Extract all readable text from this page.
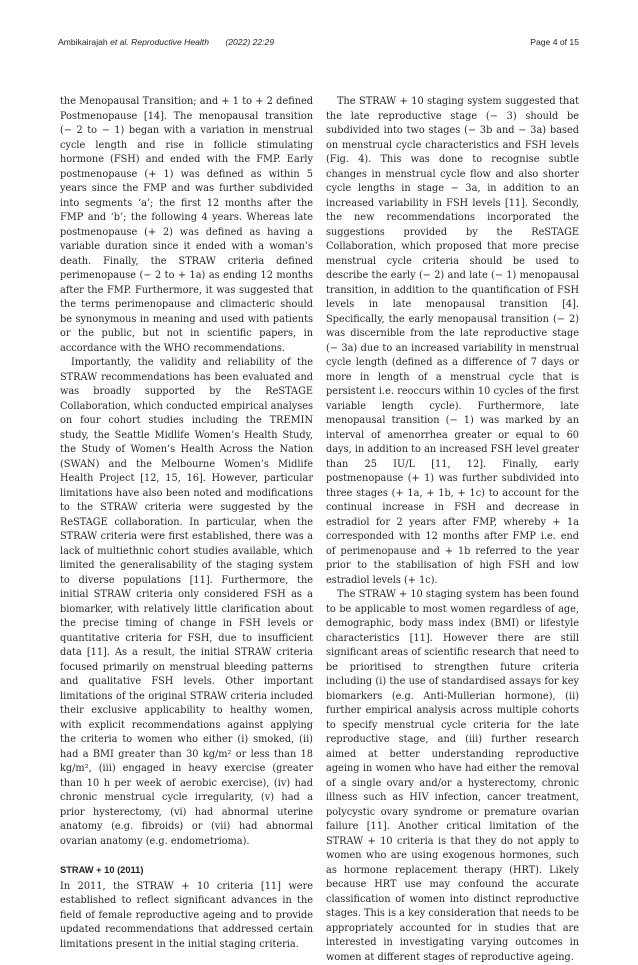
Ambikairajah et al. Reproductive Health (2022) 22:29	Page 4 of 15

the Menopausal Transition; and + 1 to + 2 defined Postmenopause [14]. The menopausal transition (− 2 to − 1) began with a variation in menstrual cycle length and rise in follicle stimulating hormone (FSH) and ended with the FMP. Early postmenopause (+ 1) was defined as within 5 years since the FMP and was further subdivided into segments ‘a’; the first 12 months after the FMP and ‘b’; the following 4 years. Whereas late postmenopause (+ 2) was defined as having a variable duration since it ended with a woman’s death. Finally, the STRAW criteria defined perimenopause (− 2 to + 1a) as ending 12 months after the FMP. Furthermore, it was suggested that the terms perimenopause and climacteric should be synonymous in meaning and used with patients or the public, but not in scientific papers, in accordance with the WHO recommendations.

Importantly, the validity and reliability of the STRAW recommendations has been evaluated and was broadly supported by the ReSTAGE Collaboration, which conducted empirical analyses on four cohort studies including the TREMIN study, the Seattle Midlife Women’s Health Study, the Study of Women’s Health Across the Nation (SWAN) and the Melbourne Women’s Midlife Health Project [12, 15, 16]. However, particular limitations have also been noted and modifications to the STRAW criteria were suggested by the ReSTAGE collaboration. In particular, when the STRAW criteria were first established, there was a lack of multiethnic cohort studies available, which limited the generalisability of the staging system to diverse populations [11]. Furthermore, the initial STRAW criteria only considered FSH as a biomarker, with relatively little clarification about the precise timing of change in FSH levels or quantitative criteria for FSH, due to insufficient data [11]. As a result, the initial STRAW criteria focused primarily on menstrual bleeding patterns and qualitative FSH levels. Other important limitations of the original STRAW criteria included their exclusive applicability to healthy women, with explicit recommendations against applying the criteria to women who either (i) smoked, (ii) had a BMI greater than 30 kg/m² or less than 18 kg/m², (iii) engaged in heavy exercise (greater than 10 h per week of aerobic exercise), (iv) had chronic menstrual cycle irregularity, (v) had a prior hysterectomy, (vi) had abnormal uterine anatomy (e.g. fibroids) or (vii) had abnormal ovarian anatomy (e.g. endometrioma).

STRAW + 10 (2011)

In 2011, the STRAW + 10 criteria [11] were established to reflect significant advances in the field of female reproductive ageing and to provide updated recommendations that addressed certain limitations present in the initial staging criteria.

The STRAW + 10 staging system suggested that the late reproductive stage (− 3) should be subdivided into two stages (− 3b and − 3a) based on menstrual cycle characteristics and FSH levels (Fig. 4). This was done to recognise subtle changes in menstrual cycle flow and also shorter cycle lengths in stage − 3a, in addition to an increased variability in FSH levels [11]. Secondly, the new recommendations incorporated the suggestions provided by the ReSTAGE Collaboration, which proposed that more precise menstrual cycle criteria should be used to describe the early (− 2) and late (− 1) menopausal transition, in addition to the quantification of FSH levels in late menopausal transition [4]. Specifically, the early menopausal transition (− 2) was discernible from the late reproductive stage (− 3a) due to an increased variability in menstrual cycle length (defined as a difference of 7 days or more in length of a menstrual cycle that is persistent i.e. reoccurs within 10 cycles of the first variable length cycle). Furthermore, late menopausal transition (− 1) was marked by an interval of amenorrhea greater or equal to 60 days, in addition to an increased FSH level greater than 25 IU/L [11, 12]. Finally, early postmenopause (+ 1) was further subdivided into three stages (+ 1a, + 1b, + 1c) to account for the continual increase in FSH and decrease in estradiol for 2 years after FMP, whereby + 1a corresponded with 12 months after FMP i.e. end of perimenopause and + 1b referred to the year prior to the stabilisation of high FSH and low estradiol levels (+ 1c).

The STRAW + 10 staging system has been found to be applicable to most women regardless of age, demographic, body mass index (BMI) or lifestyle characteristics [11]. However there are still significant areas of scientific research that need to be prioritised to strengthen future criteria including (i) the use of standardised assays for key biomarkers (e.g. Anti-Mullerian hormone), (ii) further empirical analysis across multiple cohorts to specify menstrual cycle criteria for the late reproductive stage, and (iii) further research aimed at better understanding reproductive ageing in women who have had either the removal of a single ovary and/or a hysterectomy, chronic illness such as HIV infection, cancer treatment, polycystic ovary syndrome or premature ovarian failure [11]. Another critical limitation of the STRAW + 10 criteria is that they do not apply to women who are using exogenous hormones, such as hormone replacement therapy (HRT). Likely because HRT use may confound the accurate classification of women into distinct reproductive stages. This is a key consideration that needs to be appropriately accounted for in studies that are interested in investigating varying outcomes in women at different stages of reproductive ageing.
